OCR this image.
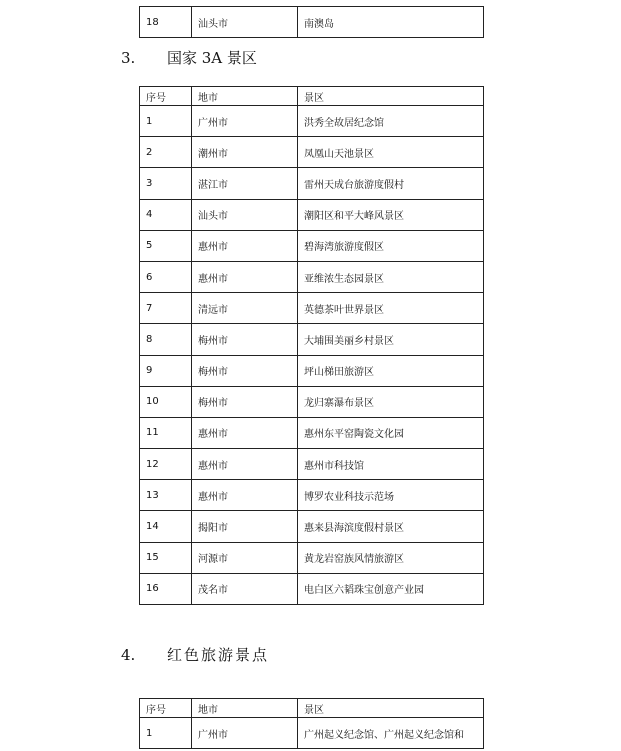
18	汕头市	南澳岛
3. 国家 3A 景区
序号	地市	景区
1	广州市	洪秀全故居纪念馆
2	潮州市	凤凰山天池景区
3	湛江市	雷州天成台旅游度假村
4	汕头市	潮阳区和平大峰风景区
5	惠州市	碧海湾旅游度假区
6	惠州市	亚维浓生态园景区
7	清远市	英德茶叶世界景区
8	梅州市	大埔围美丽乡村景区
9	梅州市	坪山梯田旅游区
10	梅州市	龙归寨瀑布景区
11	惠州市	惠州东平窑陶瓷文化园
12	惠州市	惠州市科技馆
13	惠州市	博罗农业科技示范场
14	揭阳市	惠来县海滨度假村景区
15	河源市	黄龙岩窑族风情旅游区
16	茂名市	电白区六韬珠宝创意产业园
4. 红色旅游景点
序号	地市	景区
1	广州市	广州起义纪念馆、广州起义纪念馆和
